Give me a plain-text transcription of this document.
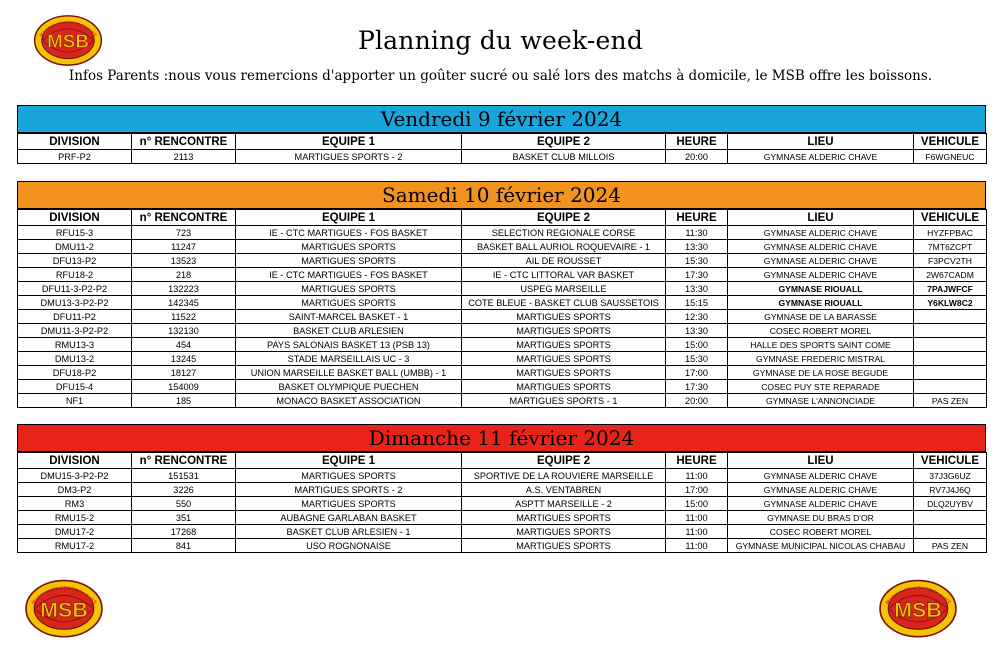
MARTIGUES SPORT BASKET
MSB	Planning du week-end
Infos Parents :nous vous remercions d'apporter un goûter sucré ou salé lors des matchs à domicile, le MSB offre les boissons.
Vendredi 9 février 2024
DIVISION	n° RENCONTRE	EQUIPE 1	EQUIPE 2	HEURE	LIEU	VEHICULE
PRF-P2	2113	MARTIGUES SPORTS - 2	BASKET CLUB MILLOIS	20:00	GYMNASE ALDERIC CHAVE	F6WGNEUC
Samedi 10 février 2024
DIVISION	n° RENCONTRE	EQUIPE 1	EQUIPE 2	HEURE	LIEU	VEHICULE
RFU15-3	723	IE - CTC MARTIGUES - FOS BASKET	SELECTION REGIONALE CORSE	11:30	GYMNASE ALDERIC CHAVE	HYZFPBAC
DMU11-2	11247	MARTIGUES SPORTS	BASKET BALL AURIOL ROQUEVAIRE - 1	13:30	GYMNASE ALDERIC CHAVE	7MT6ZCPT
DFU13-P2	13523	MARTIGUES SPORTS	AIL DE ROUSSET	15:30	GYMNASE ALDERIC CHAVE	F3PCV2TH
RFU18-2	218	IE - CTC MARTIGUES - FOS BASKET	IE - CTC LITTORAL VAR BASKET	17:30	GYMNASE ALDERIC CHAVE	2W67CADM
DFU11-3-P2-P2	132223	MARTIGUES SPORTS	USPEG MARSEILLE	13:30	GYMNASE RIOUALL	7PAJWFCF
DMU13-3-P2-P2	142345	MARTIGUES SPORTS	COTE BLEUE - BASKET CLUB SAUSSETOIS	15:15	GYMNASE RIOUALL	Y6KLW8C2
DFU11-P2	11522	SAINT-MARCEL BASKET - 1	MARTIGUES SPORTS	12:30	GYMNASE DE LA BARASSE	
DMU11-3-P2-P2	132130	BASKET CLUB ARLESIEN	MARTIGUES SPORTS	13:30	COSEC ROBERT MOREL	
RMU13-3	454	PAYS SALONAIS BASKET 13 (PSB 13)	MARTIGUES SPORTS	15:00	HALLE DES SPORTS SAINT COME	
DMU13-2	13245	STADE MARSEILLAIS UC - 3	MARTIGUES SPORTS	15:30	GYMNASE FREDERIC MISTRAL	
DFU18-P2	18127	UNION MARSEILLE BASKET BALL (UMBB) - 1	MARTIGUES SPORTS	17:00	GYMNASE DE LA ROSE BEGUDE	
DFU15-4	154009	BASKET OLYMPIQUE PUECHEN	MARTIGUES SPORTS	17:30	COSEC PUY STE REPARADE	
NF1	185	MONACO BASKET ASSOCIATION	MARTIGUES SPORTS - 1	20:00	GYMNASE L'ANNONCIADE	PAS ZEN
Dimanche 11 février 2024
DIVISION	n° RENCONTRE	EQUIPE 1	EQUIPE 2	HEURE	LIEU	VEHICULE
DMU15-3-P2-P2	151531	MARTIGUES SPORTS	SPORTIVE DE LA ROUVIERE MARSEILLE	11:00	GYMNASE ALDERIC CHAVE	37J3G6UZ
DM3-P2	3226	MARTIGUES SPORTS - 2	A.S. VENTABREN	17:00	GYMNASE ALDERIC CHAVE	RV7J4J6Q
RM3	550	MARTIGUES SPORTS	ASPTT MARSEILLE - 2	15:00	GYMNASE ALDERIC CHAVE	DLQ2UYBV
RMU15-2	351	AUBAGNE GARLABAN BASKET	MARTIGUES SPORTS	11:00	GYMNASE DU BRAS D'OR	
DMU17-2	17268	BASKET CLUB ARLESIEN - 1	MARTIGUES SPORTS	11:00	COSEC ROBERT MOREL	
RMU17-2	841	USO ROGNONAISE	MARTIGUES SPORTS	11:00	GYMNASE MUNICIPAL NICOLAS CHABAU	PAS ZEN
MARTIGUES SPORT BASKET
MSB	MARTIGUES SPORT BASKET
MSB
